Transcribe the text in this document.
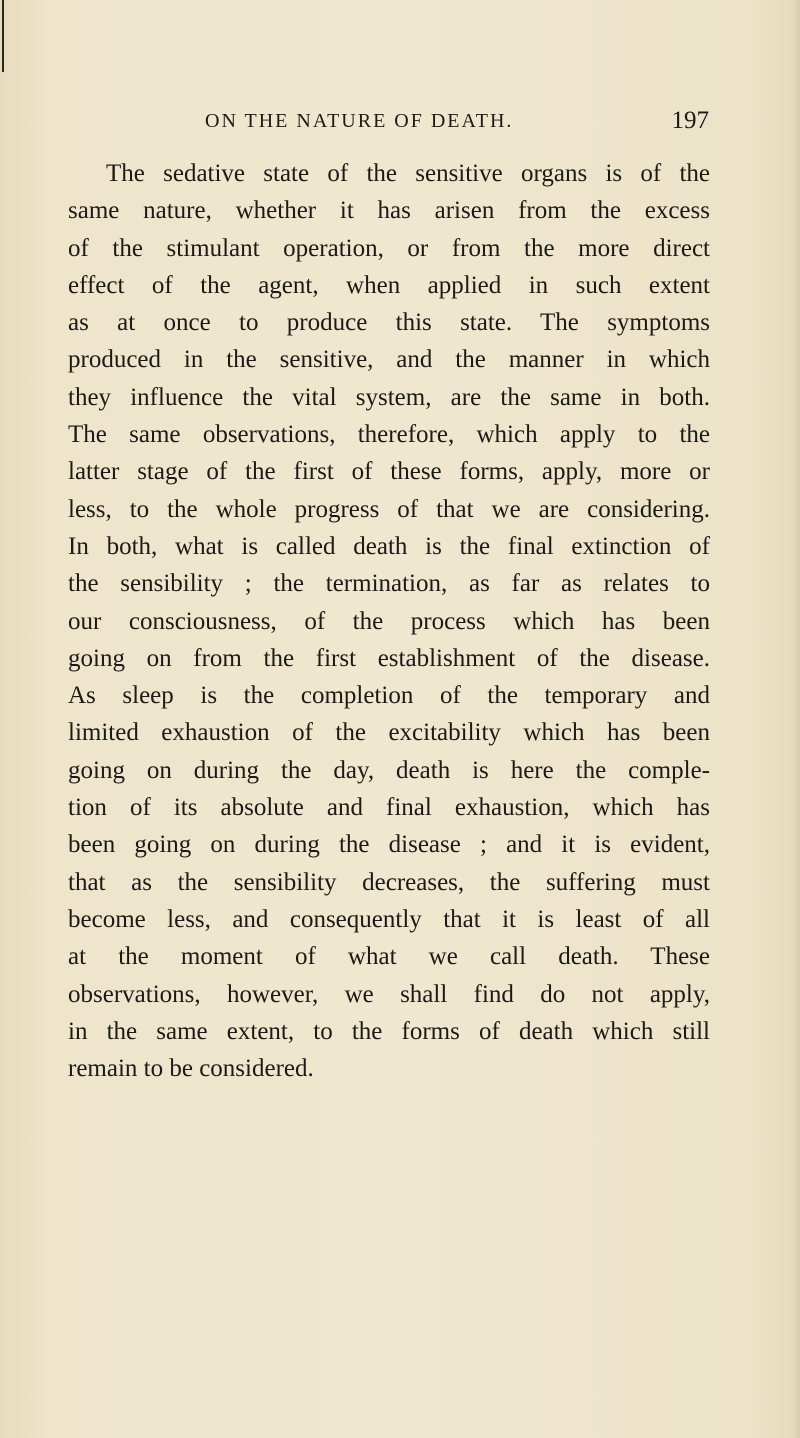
ON THE NATURE OF DEATH.	197
The sedative state of the sensitive organs is of the
same nature, whether it has arisen from the excess
of the stimulant operation, or from the more direct
effect of the agent, when applied in such extent
as at once to produce this state. The symptoms
produced in the sensitive, and the manner in which
they influence the vital system, are the same in both.
The same observations, therefore, which apply to the
latter stage of the first of these forms, apply, more or
less, to the whole progress of that we are considering.
In both, what is called death is the final extinction of
the sensibility ; the termination, as far as relates to
our consciousness, of the process which has been
going on from the first establishment of the disease.
As sleep is the completion of the temporary and
limited exhaustion of the excitability which has been
going on during the day, death is here the comple-
tion of its absolute and final exhaustion, which has
been going on during the disease ; and it is evident,
that as the sensibility decreases, the suffering must
become less, and consequently that it is least of all
at the moment of what we call death. These
observations, however, we shall find do not apply,
in the same extent, to the forms of death which still
remain to be considered.
